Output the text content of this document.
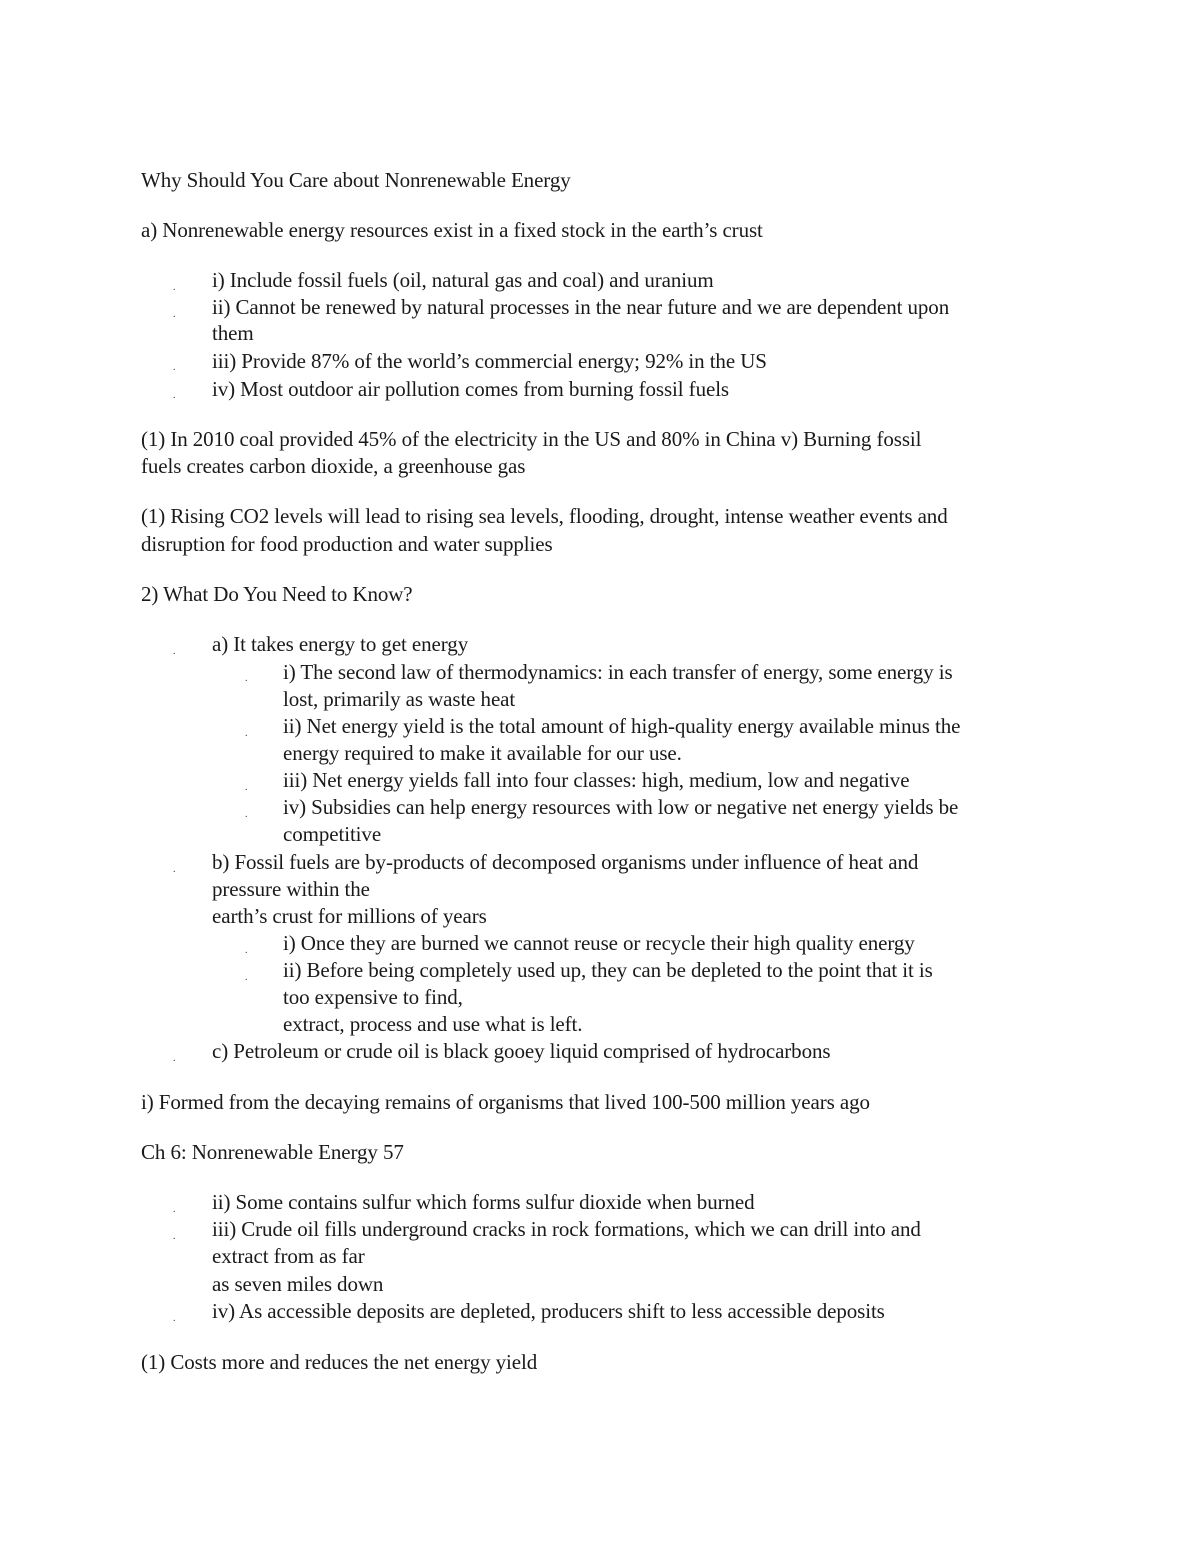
Why Should You Care about Nonrenewable Energy
a) Nonrenewable energy resources exist in a fixed stock in the earth’s crust
. i) Include fossil fuels (oil, natural gas and coal) and uranium
. ii) Cannot be renewed by natural processes in the near future and we are dependent upon
them
. iii) Provide 87% of the world’s commercial energy; 92% in the US
. iv) Most outdoor air pollution comes from burning fossil fuels
(1) In 2010 coal provided 45% of the electricity in the US and 80% in China v) Burning fossil
fuels creates carbon dioxide, a greenhouse gas
(1) Rising CO2 levels will lead to rising sea levels, flooding, drought, intense weather events and
disruption for food production and water supplies
2) What Do You Need to Know?
. a) It takes energy to get energy
. i) The second law of thermodynamics: in each transfer of energy, some energy is
lost, primarily as waste heat
. ii) Net energy yield is the total amount of high-quality energy available minus the
energy required to make it available for our use.
. iii) Net energy yields fall into four classes: high, medium, low and negative
. iv) Subsidies can help energy resources with low or negative net energy yields be
competitive
. b) Fossil fuels are by-products of decomposed organisms under influence of heat and
pressure within the
earth’s crust for millions of years
. i) Once they are burned we cannot reuse or recycle their high quality energy
. ii) Before being completely used up, they can be depleted to the point that it is
too expensive to find,
extract, process and use what is left.
. c) Petroleum or crude oil is black gooey liquid comprised of hydrocarbons
i) Formed from the decaying remains of organisms that lived 100-500 million years ago
Ch 6: Nonrenewable Energy 57
. ii) Some contains sulfur which forms sulfur dioxide when burned
. iii) Crude oil fills underground cracks in rock formations, which we can drill into and
extract from as far
as seven miles down
. iv) As accessible deposits are depleted, producers shift to less accessible deposits
(1) Costs more and reduces the net energy yield
